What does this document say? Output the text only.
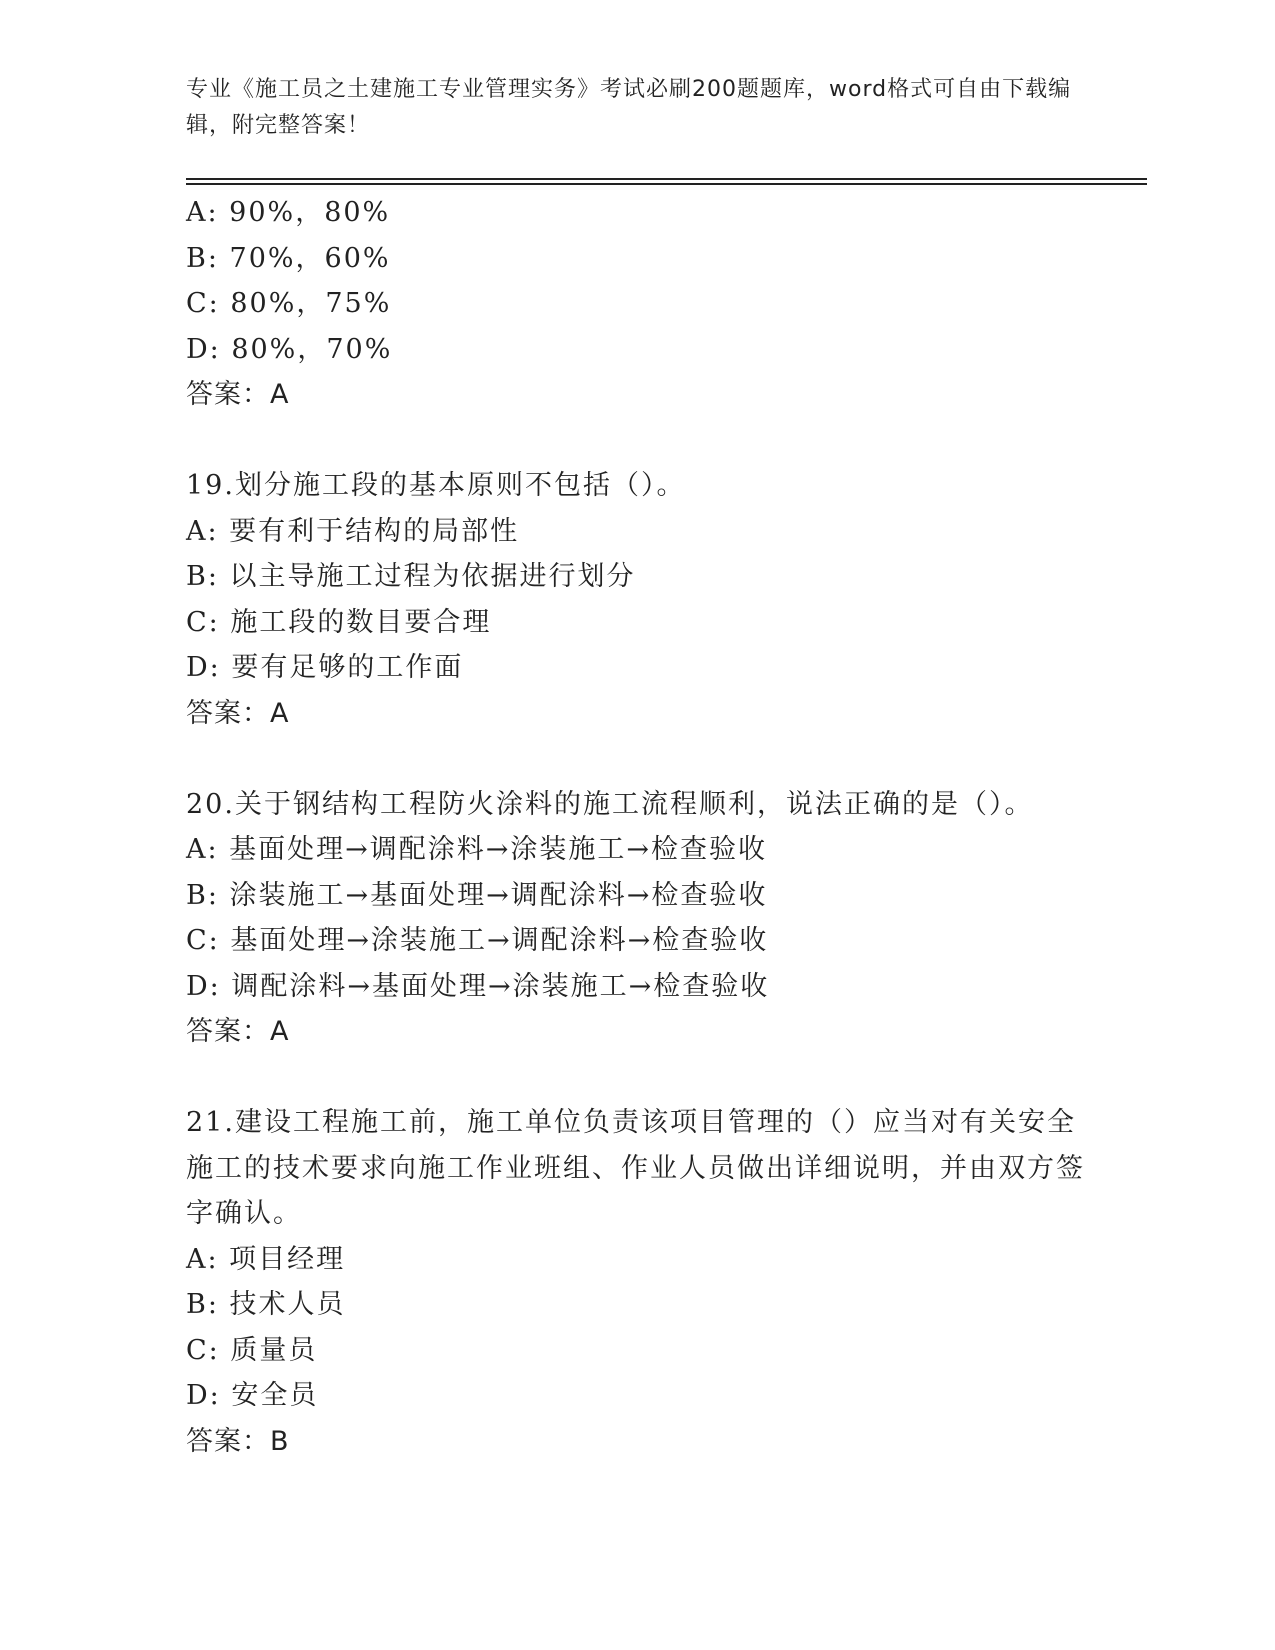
专业《施工员之土建施工专业管理实务》考试必刷200题题库，word格式可自由下载编辑，附完整答案！
A: 90%，80%
B: 70%，60%
C: 80%，75%
D: 80%，70%
答案：A
19.划分施工段的基本原则不包括（）。
A: 要有利于结构的局部性
B: 以主导施工过程为依据进行划分
C: 施工段的数目要合理
D: 要有足够的工作面
答案：A
20.关于钢结构工程防火涂料的施工流程顺利，说法正确的是（）。
A: 基面处理→调配涂料→涂装施工→检查验收
B: 涂装施工→基面处理→调配涂料→检查验收
C: 基面处理→涂装施工→调配涂料→检查验收
D: 调配涂料→基面处理→涂装施工→检查验收
答案：A
21.建设工程施工前，施工单位负责该项目管理的（）应当对有关安全施工的技术要求向施工作业班组、作业人员做出详细说明，并由双方签字确认。
A: 项目经理
B: 技术人员
C: 质量员
D: 安全员
答案：B
